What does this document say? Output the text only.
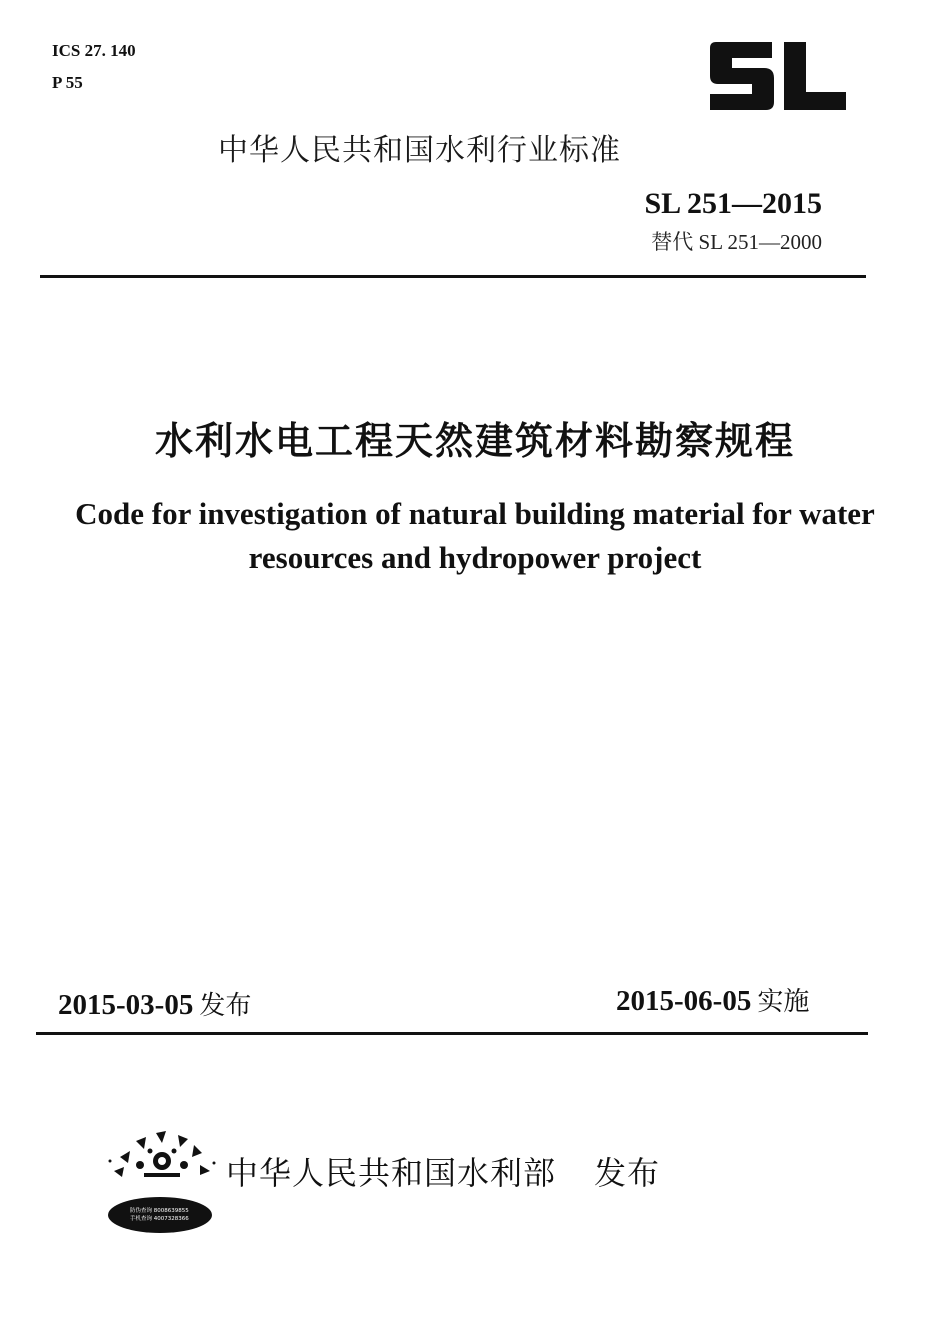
ICS 27. 140
P 55
中华人民共和国水利行业标准
SL 251—2015
替代 SL 251—2000
水利水电工程天然建筑材料勘察规程
Code for investigation of natural building material for water
resources and hydropower project
2015-03-05 发布	2015-06-05 实施
防伪查询 8008639855
手机查询 4007328366
中华人民共和国水利部 发布
